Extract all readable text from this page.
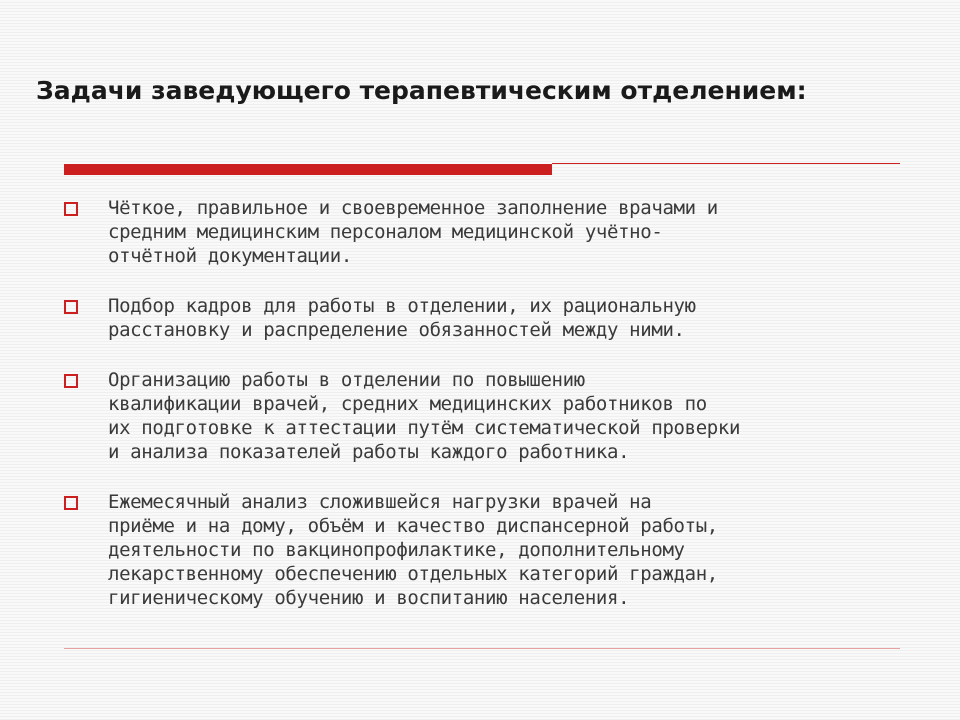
Задачи заведующего терапевтическим отделением:
Чёткое, правильное и своевременное заполнение врачами и
средним медицинским персоналом медицинской учётно-
отчётной документации.
Подбор кадров для работы в отделении, их рациональную
расстановку и распределение обязанностей между ними.
Организацию работы в отделении по повышению
квалификации врачей, средних медицинских работников по
их подготовке к аттестации путём систематической проверки
и анализа показателей работы каждого работника.
Ежемесячный анализ сложившейся нагрузки врачей на
приёме и на дому, объём и качество диспансерной работы,
деятельности по вакцинопрофилактике, дополнительному
лекарственному обеспечению отдельных категорий граждан,
гигиеническому обучению и воспитанию населения.
